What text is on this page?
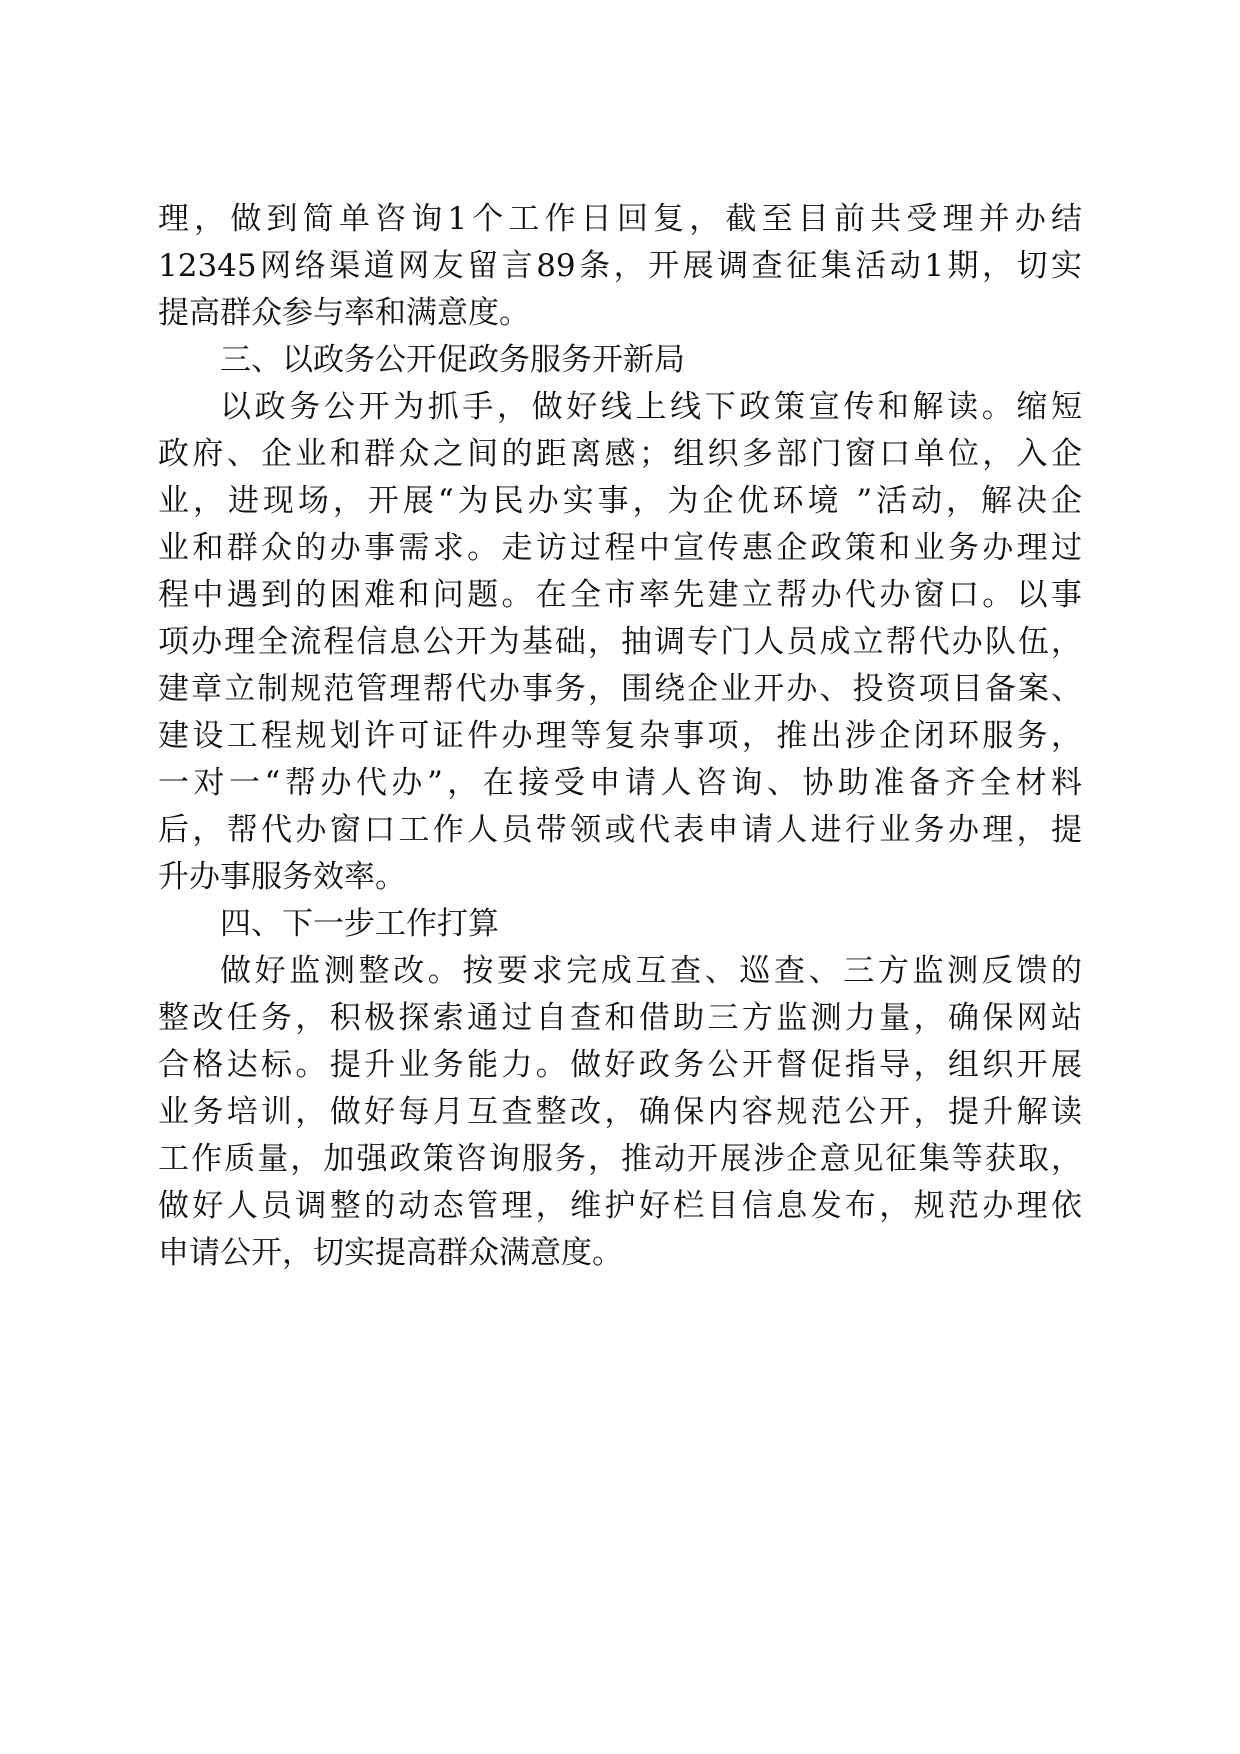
理，做到简单咨询1个工作日回复，截至目前共受理并办结
12345网络渠道网友留言89条，开展调查征集活动1期，切实
提高群众参与率和满意度。
三、以政务公开促政务服务开新局
以政务公开为抓手，做好线上线下政策宣传和解读。缩短
政府、企业和群众之间的距离感；组织多部门窗口单位，入企
业，进现场，开展“为民办实事，为企优环境 ”活动，解决企
业和群众的办事需求。走访过程中宣传惠企政策和业务办理过
程中遇到的困难和问题。在全市率先建立帮办代办窗口。以事
项办理全流程信息公开为基础，抽调专门人员成立帮代办队伍，
建章立制规范管理帮代办事务，围绕企业开办、投资项目备案、
建设工程规划许可证件办理等复杂事项，推出涉企闭环服务，
一对一“帮办代办”，在接受申请人咨询、协助准备齐全材料
后，帮代办窗口工作人员带领或代表申请人进行业务办理，提
升办事服务效率。
四、下一步工作打算
做好监测整改。按要求完成互查、巡查、三方监测反馈的
整改任务，积极探索通过自查和借助三方监测力量，确保网站
合格达标。提升业务能力。做好政务公开督促指导，组织开展
业务培训，做好每月互查整改，确保内容规范公开，提升解读
工作质量，加强政策咨询服务，推动开展涉企意见征集等获取，
做好人员调整的动态管理，维护好栏目信息发布，规范办理依
申请公开，切实提高群众满意度。
